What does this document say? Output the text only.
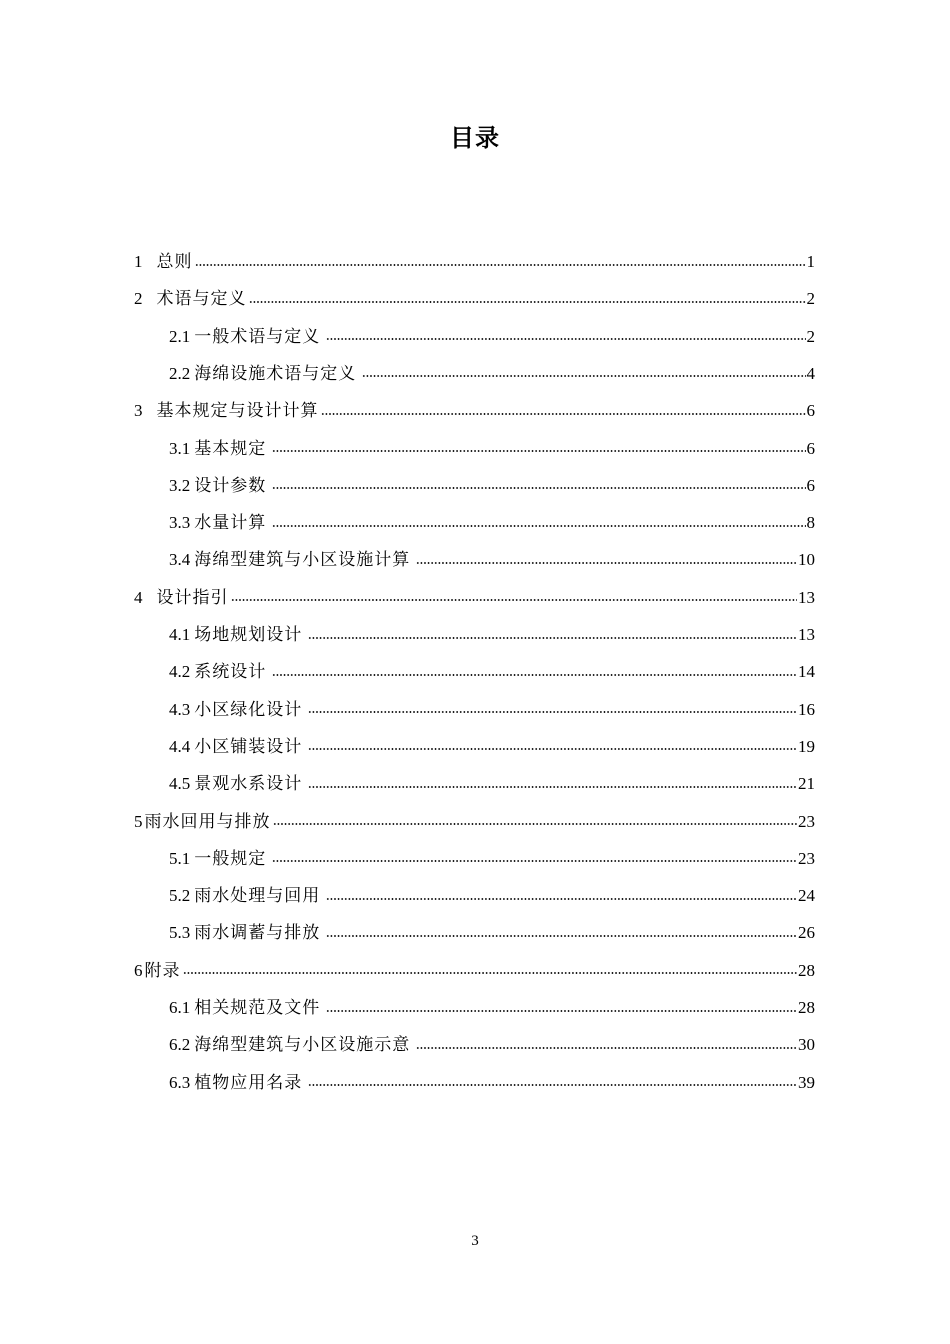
目录
1 总则	1
2 术语与定义	2
2.1 一般术语与定义	2
2.2 海绵设施术语与定义	4
3 基本规定与设计计算	6
3.1 基本规定	6
3.2 设计参数	6
3.3 水量计算	8
3.4 海绵型建筑与小区设施计算	10
4 设计指引	13
4.1 场地规划设计	13
4.2 系统设计	14
4.3 小区绿化设计	16
4.4 小区铺装设计	19
4.5 景观水系设计	21
5 雨水回用与排放	23
5.1 一般规定	23
5.2 雨水处理与回用	24
5.3 雨水调蓄与排放	26
6 附录	28
6.1 相关规范及文件	28
6.2 海绵型建筑与小区设施示意	30
6.3 植物应用名录	39
3
